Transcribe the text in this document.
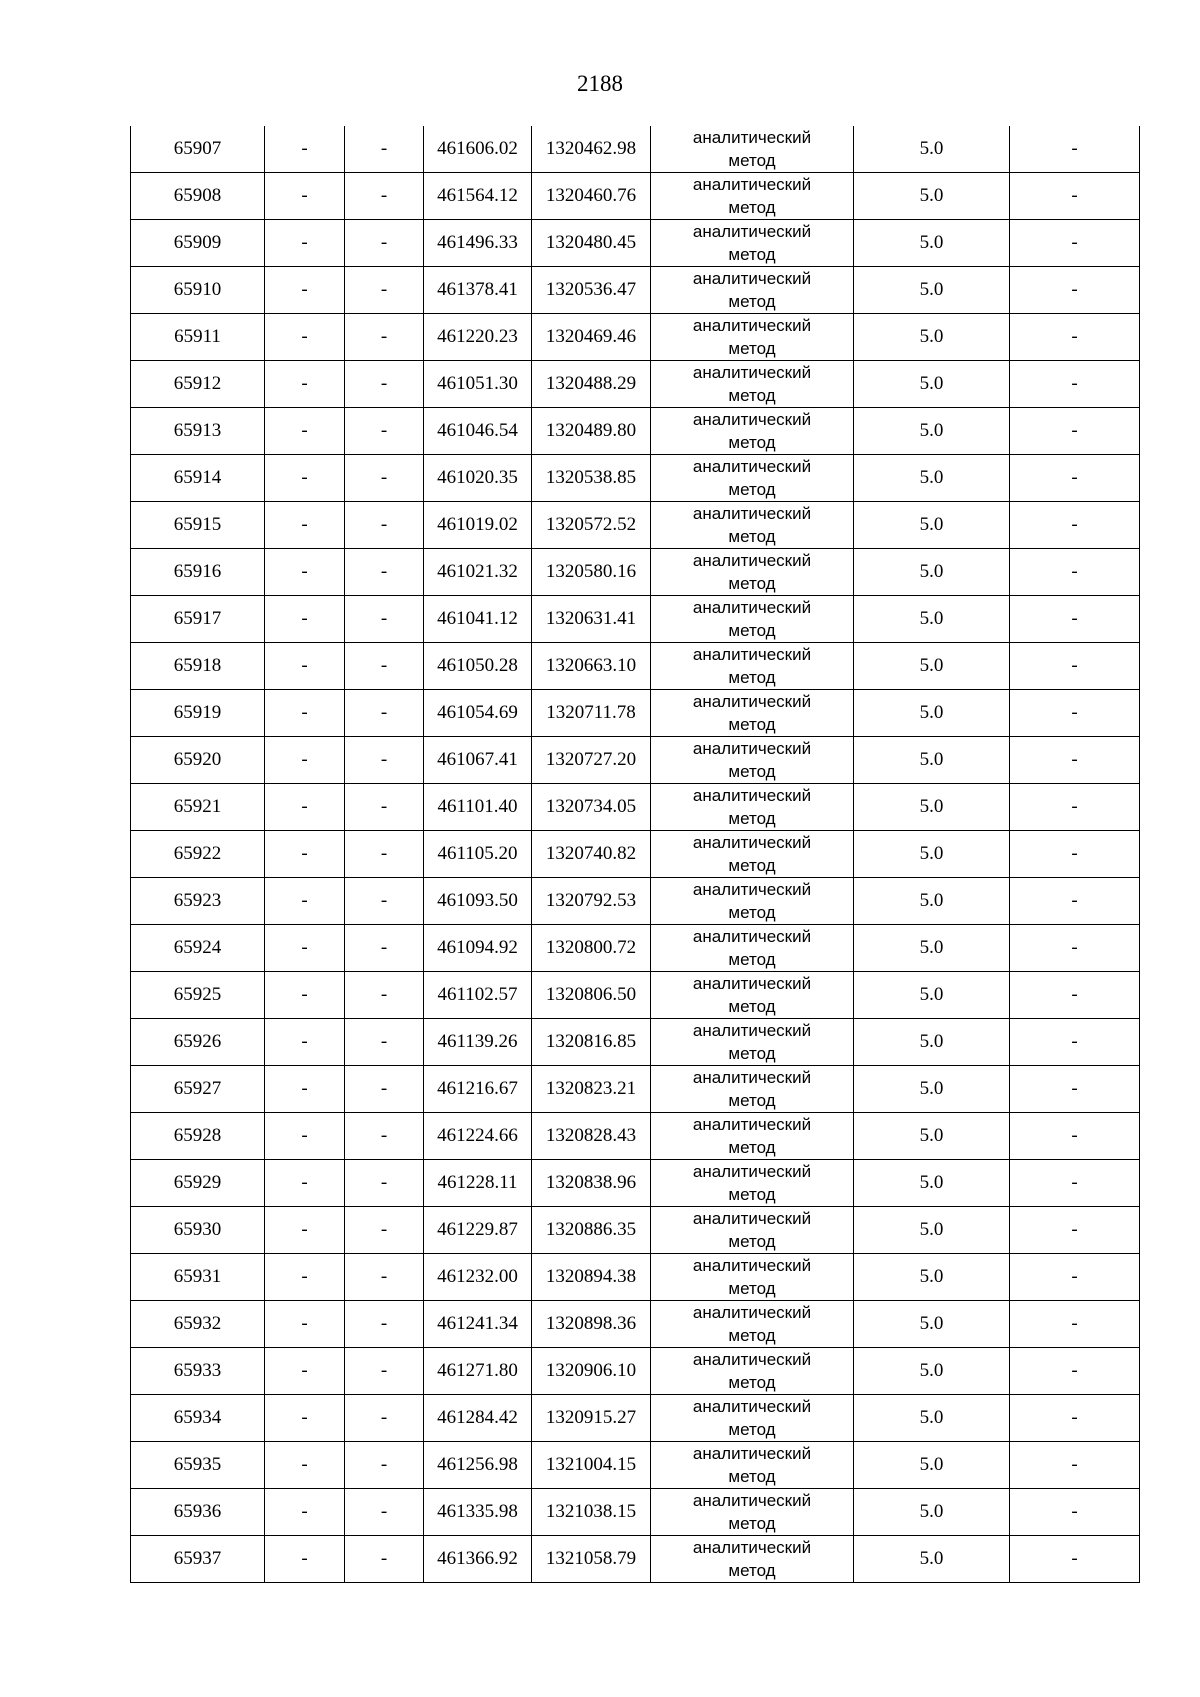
2188
65907	-	-	461606.02	1320462.98	аналитический
метод	5.0	-
65908	-	-	461564.12	1320460.76	аналитический
метод	5.0	-
65909	-	-	461496.33	1320480.45	аналитический
метод	5.0	-
65910	-	-	461378.41	1320536.47	аналитический
метод	5.0	-
65911	-	-	461220.23	1320469.46	аналитический
метод	5.0	-
65912	-	-	461051.30	1320488.29	аналитический
метод	5.0	-
65913	-	-	461046.54	1320489.80	аналитический
метод	5.0	-
65914	-	-	461020.35	1320538.85	аналитический
метод	5.0	-
65915	-	-	461019.02	1320572.52	аналитический
метод	5.0	-
65916	-	-	461021.32	1320580.16	аналитический
метод	5.0	-
65917	-	-	461041.12	1320631.41	аналитический
метод	5.0	-
65918	-	-	461050.28	1320663.10	аналитический
метод	5.0	-
65919	-	-	461054.69	1320711.78	аналитический
метод	5.0	-
65920	-	-	461067.41	1320727.20	аналитический
метод	5.0	-
65921	-	-	461101.40	1320734.05	аналитический
метод	5.0	-
65922	-	-	461105.20	1320740.82	аналитический
метод	5.0	-
65923	-	-	461093.50	1320792.53	аналитический
метод	5.0	-
65924	-	-	461094.92	1320800.72	аналитический
метод	5.0	-
65925	-	-	461102.57	1320806.50	аналитический
метод	5.0	-
65926	-	-	461139.26	1320816.85	аналитический
метод	5.0	-
65927	-	-	461216.67	1320823.21	аналитический
метод	5.0	-
65928	-	-	461224.66	1320828.43	аналитический
метод	5.0	-
65929	-	-	461228.11	1320838.96	аналитический
метод	5.0	-
65930	-	-	461229.87	1320886.35	аналитический
метод	5.0	-
65931	-	-	461232.00	1320894.38	аналитический
метод	5.0	-
65932	-	-	461241.34	1320898.36	аналитический
метод	5.0	-
65933	-	-	461271.80	1320906.10	аналитический
метод	5.0	-
65934	-	-	461284.42	1320915.27	аналитический
метод	5.0	-
65935	-	-	461256.98	1321004.15	аналитический
метод	5.0	-
65936	-	-	461335.98	1321038.15	аналитический
метод	5.0	-
65937	-	-	461366.92	1321058.79	аналитический
метод	5.0	-
